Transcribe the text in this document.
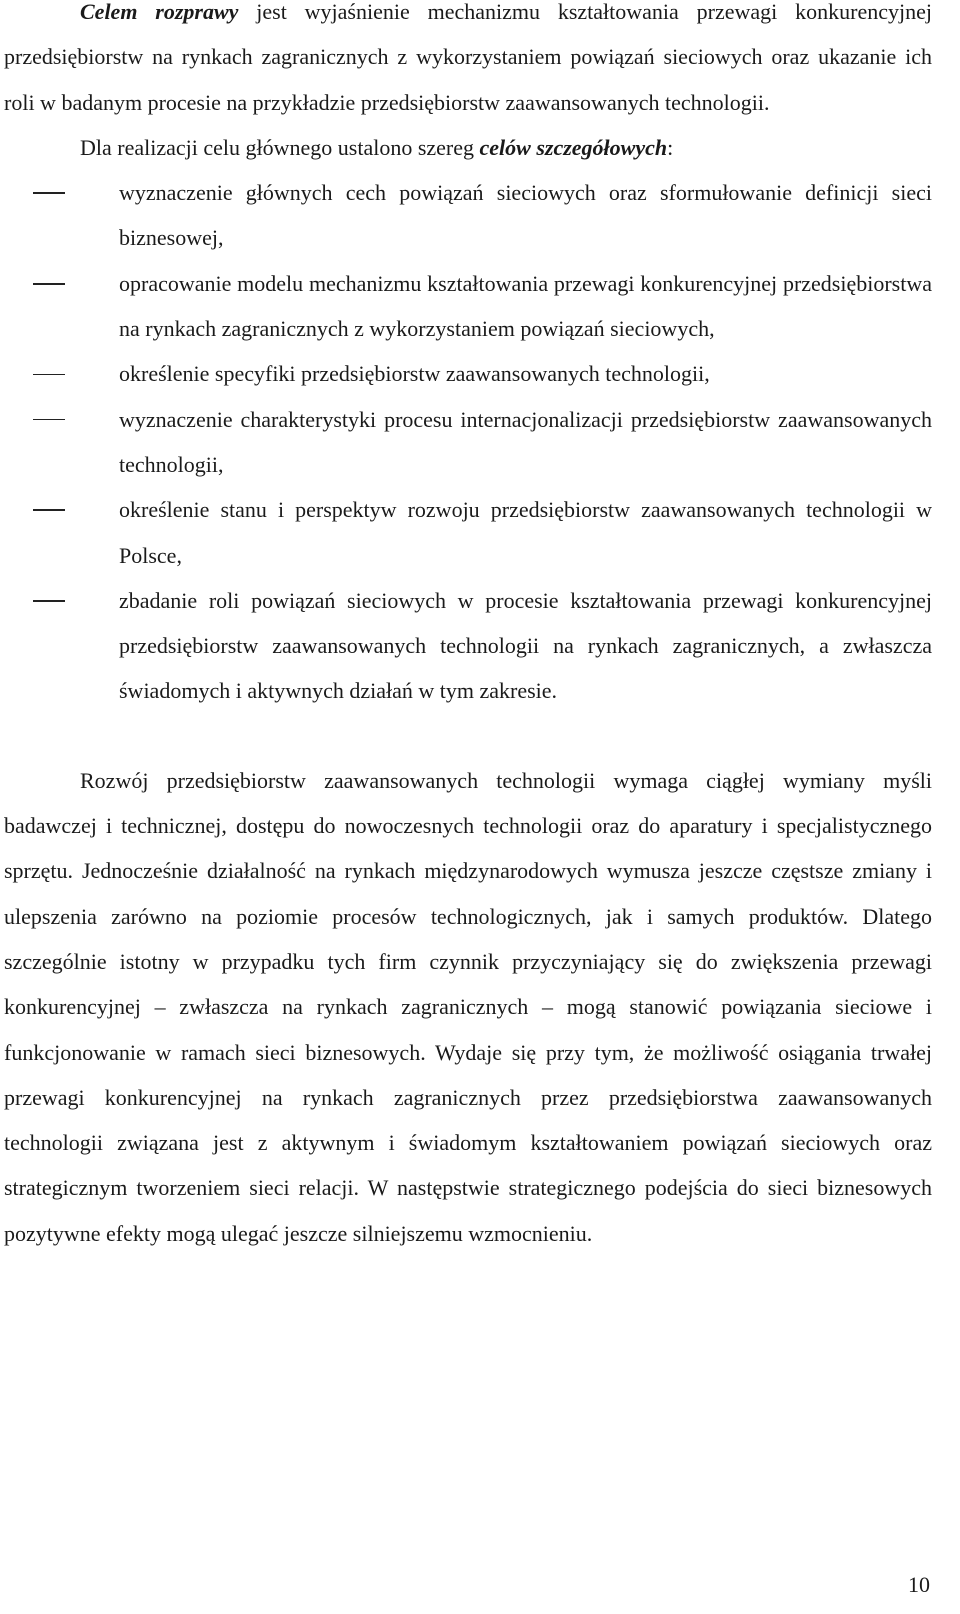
Celem rozprawy jest wyjaśnienie mechanizmu kształtowania przewagi konkurencyjnej przedsiębiorstw na rynkach zagranicznych z wykorzystaniem powiązań sieciowych oraz ukazanie ich roli w badanym procesie na przykładzie przedsiębiorstw zaawansowanych technologii.

Dla realizacji celu głównego ustalono szereg celów szczegółowych:

wyznaczenie głównych cech powiązań sieciowych oraz sformułowanie definicji sieci biznesowej,
opracowanie modelu mechanizmu kształtowania przewagi konkurencyjnej przedsiębiorstwa na rynkach zagranicznych z wykorzystaniem powiązań sieciowych,
określenie specyfiki przedsiębiorstw zaawansowanych technologii,
wyznaczenie charakterystyki procesu internacjonalizacji przedsiębiorstw zaawansowanych technologii,
określenie stanu i perspektyw rozwoju przedsiębiorstw zaawansowanych technologii w Polsce,
zbadanie roli powiązań sieciowych w procesie kształtowania przewagi konkurencyjnej przedsiębiorstw zaawansowanych technologii na rynkach zagranicznych, a zwłaszcza świadomych i aktywnych działań w tym zakresie.

Rozwój przedsiębiorstw zaawansowanych technologii wymaga ciągłej wymiany myśli badawczej i technicznej, dostępu do nowoczesnych technologii oraz do aparatury i specjalistycznego sprzętu. Jednocześnie działalność na rynkach międzynarodowych wymusza jeszcze częstsze zmiany i ulepszenia zarówno na poziomie procesów technologicznych, jak i samych produktów. Dlatego szczególnie istotny w przypadku tych firm czynnik przyczyniający się do zwiększenia przewagi konkurencyjnej – zwłaszcza na rynkach zagranicznych – mogą stanowić powiązania sieciowe i funkcjonowanie w ramach sieci biznesowych. Wydaje się przy tym, że możliwość osiągania trwałej przewagi konkurencyjnej na rynkach zagranicznych przez przedsiębiorstwa zaawansowanych technologii związana jest z aktywnym i świadomym kształtowaniem powiązań sieciowych oraz strategicznym tworzeniem sieci relacji. W następstwie strategicznego podejścia do sieci biznesowych pozytywne efekty mogą ulegać jeszcze silniejszemu wzmocnieniu.

10
